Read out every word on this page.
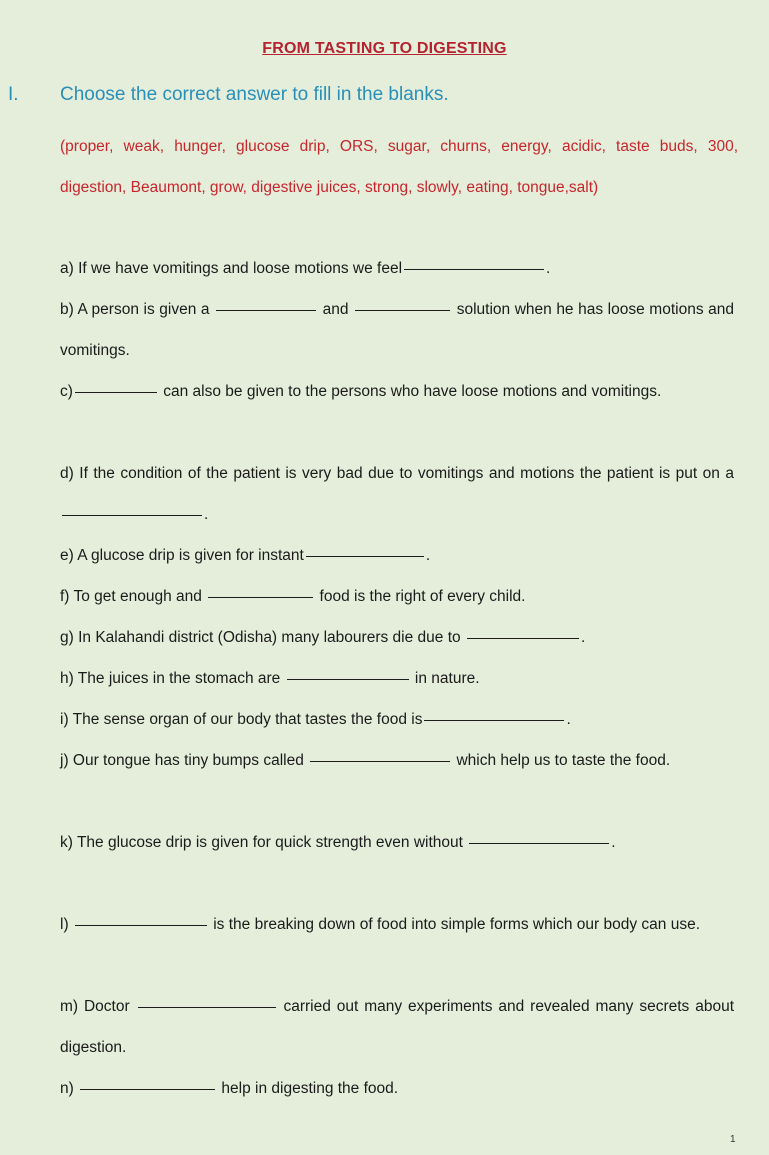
FROM TASTING TO DIGESTING
I. Choose the correct answer to fill in the blanks.
(proper, weak, hunger, glucose drip, ORS, sugar, churns, energy, acidic, taste buds, 300, digestion, Beaumont, grow, digestive juices, strong, slowly, eating, tongue,salt)
a) If we have vomitings and loose motions we feel	.
b) A person is given a	and	solution when he has loose motions and vomitings.
c)	can also be given to the persons who have loose motions and vomitings.
d) If the condition of the patient is very bad due to vomitings and motions the patient is put on a .
e) A glucose drip is given for instant	.
f) To get enough and	food is the right of every child.
g) In Kalahandi district (Odisha) many labourers die due to	.
h) The juices in the stomach are	in nature.
i) The sense organ of our body that tastes the food is	.
j) Our tongue has tiny bumps called	which help us to taste the food.
k) The glucose drip is given for quick strength even without	.
l)	is the breaking down of food into simple forms which our body can use.
m) Doctor	carried out many experiments and revealed many secrets about digestion.
n)	help in digesting the food.
1
